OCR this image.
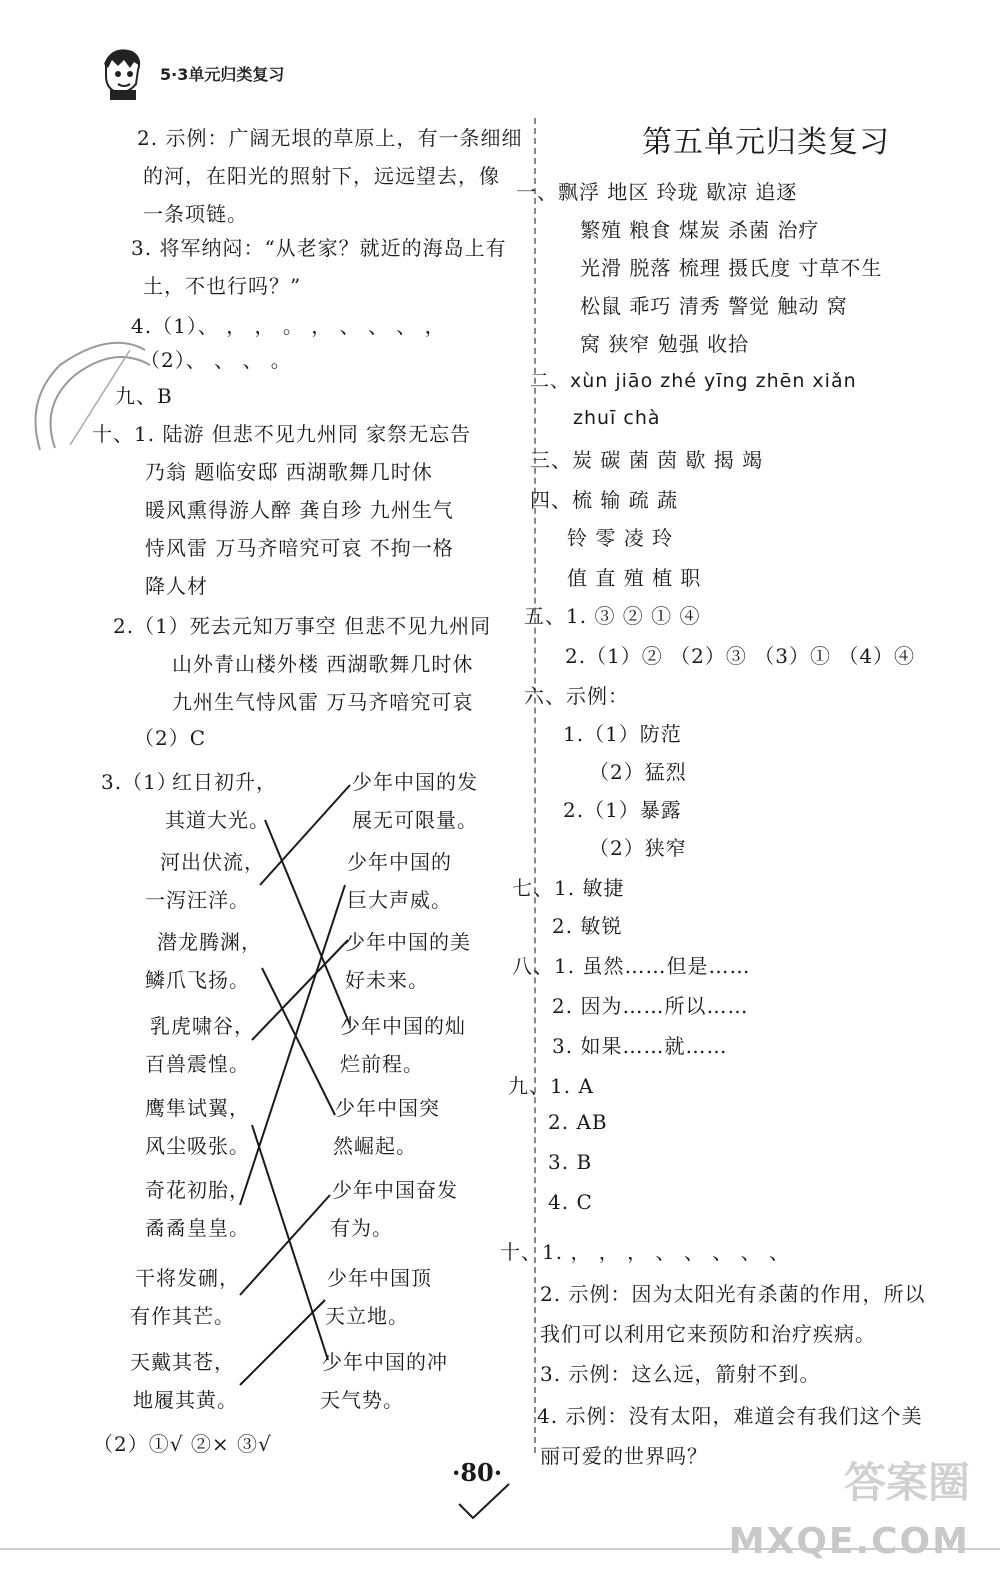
5·3单元归类复习
2. 示例：广阔无垠的草原上，有一条细细
的河，在阳光的照射下，远远望去，像
一条项链。
3. 将军纳闷：“从老家？就近的海岛上有
土，不也行吗？”
4.（1）、 ， ， 。 ， 、 、 、 ，
（2）、 、 、 。
九、B
十、1. 陆游 但悲不见九州同 家祭无忘告
乃翁 题临安邸 西湖歌舞几时休
暖风熏得游人醉 龚自珍 九州生气
恃风雷 万马齐喑究可哀 不拘一格
降人材
2.（1）死去元知万事空 但悲不见九州同
山外青山楼外楼 西湖歌舞几时休
九州生气恃风雷 万马齐喑究可哀
（2）C
3.（1）
红日初升，
其道大光。
河出伏流，
一泻汪洋。
潜龙腾渊，
鳞爪飞扬。
乳虎啸谷，
百兽震惶。
鹰隼试翼，
风尘吸张。
奇花初胎，
矞矞皇皇。
干将发硎，
有作其芒。
天戴其苍，
地履其黄。
少年中国的发
展无可限量。
少年中国的
巨大声威。
少年中国的美
好未来。
少年中国的灿
烂前程。
少年中国突
然崛起。
少年中国奋发
有为。
少年中国顶
天立地。
少年中国的冲
天气势。
（2）①√ ②× ③√
第五单元归类复习
一、飘浮 地区 玲珑 歇凉 追逐
繁殖 粮食 煤炭 杀菌 治疗
光滑 脱落 梳理 摄氏度 寸草不生
松鼠 乖巧 清秀 警觉 触动 窝
窝 狭窄 勉强 收拾
二、xùn jiāo zhé yīng zhēn xiǎn
zhuī chà
三、炭 碳 菌 茵 歇 揭 竭
四、梳 输 疏 蔬
铃 零 凌 玲
值 直 殖 植 职
五、1. ③ ② ① ④
2.（1）② （2）③ （3）① （4）④
六、示例：
1.（1）防范
（2）猛烈
2.（1）暴露
（2）狭窄
七、1. 敏捷
2. 敏锐
八、1. 虽然……但是……
2. 因为……所以……
3. 如果……就……
九、1. A
2. AB
3. B
4. C
十、1. ， ， ， 、 、 、 、 、
2. 示例：因为太阳光有杀菌的作用，所以
我们可以利用它来预防和治疗疾病。
3. 示例：这么远，箭射不到。
4. 示例：没有太阳，难道会有我们这个美
丽可爱的世界吗？
·80·	答案圈
MXQE.COM
